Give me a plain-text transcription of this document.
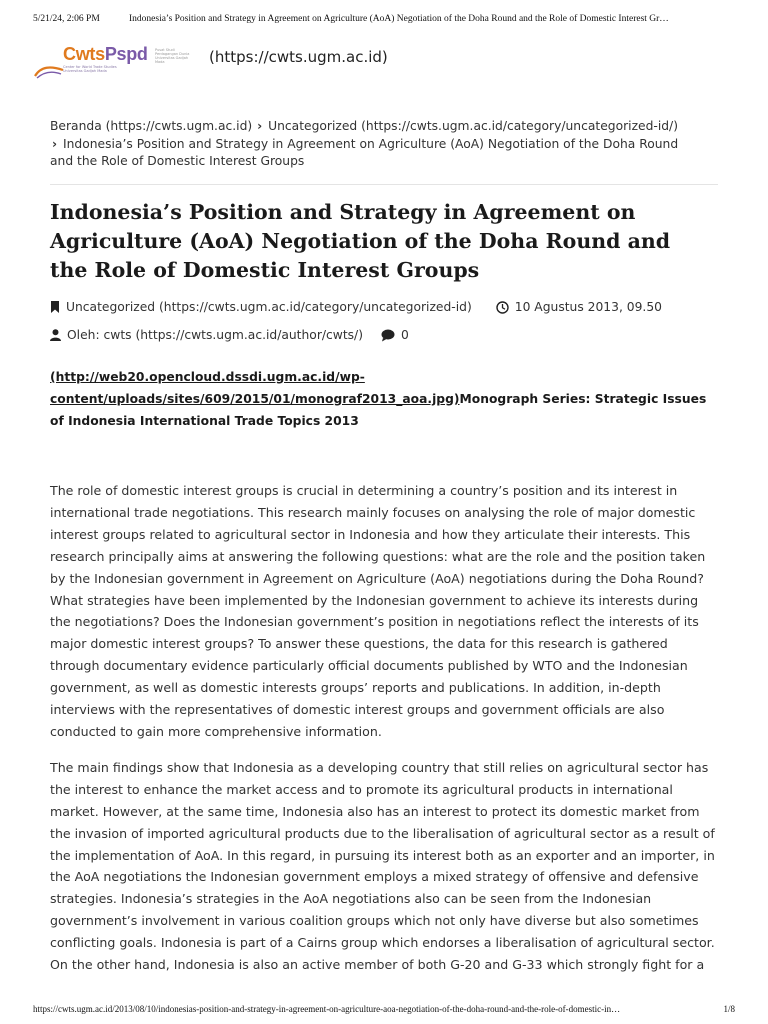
5/21/24, 2:06 PM	Indonesia’s Position and Strategy in Agreement on Agriculture (AoA) Negotiation of the Doha Round and the Role of Domestic Interest Gr…
CwtsPspd
Center for World Trade Studies Universitas Gadjah Mada
Pusat Studi Perdagangan Dunia Universitas Gadjah Mada	(https://cwts.ugm.ac.id)
Beranda (https://cwts.ugm.ac.id) › Uncategorized (https://cwts.ugm.ac.id/category/uncategorized-id/)
› Indonesia’s Position and Strategy in Agreement on Agriculture (AoA) Negotiation of the Doha Round
and the Role of Domestic Interest Groups
Indonesia’s Position and Strategy in Agreement on Agriculture (AoA) Negotiation of the Doha Round and the Role of Domestic Interest Groups
Uncategorized (https://cwts.ugm.ac.id/category/uncategorized-id)	10 Agustus 2013, 09.50
Oleh: cwts (https://cwts.ugm.ac.id/author/cwts/)	0
(http://web20.opencloud.dssdi.ugm.ac.id/wp-content/uploads/sites/609/2015/01/monograf2013_aoa.jpg)Monograph Series: Strategic Issues of Indonesia International Trade Topics 2013

The role of domestic interest groups is crucial in determining a country’s position and its interest in international trade negotiations. This research mainly focuses on analysing the role of major domestic interest groups related to agricultural sector in Indonesia and how they articulate their interests. This research principally aims at answering the following questions: what are the role and the position taken by the Indonesian government in Agreement on Agriculture (AoA) negotiations during the Doha Round? What strategies have been implemented by the Indonesian government to achieve its interests during the negotiations? Does the Indonesian government’s position in negotiations reflect the interests of its major domestic interest groups? To answer these questions, the data for this research is gathered through documentary evidence particularly official documents published by WTO and the Indonesian government, as well as domestic interests groups’ reports and publications. In addition, in-depth interviews with the representatives of domestic interest groups and government officials are also conducted to gain more comprehensive information.

The main findings show that Indonesia as a developing country that still relies on agricultural sector has the interest to enhance the market access and to promote its agricultural products in international market. However, at the same time, Indonesia also has an interest to protect its domestic market from the invasion of imported agricultural products due to the liberalisation of agricultural sector as a result of the implementation of AoA. In this regard, in pursuing its interest both as an exporter and an importer, in the AoA negotiations the Indonesian government employs a mixed strategy of offensive and defensive strategies. Indonesia’s strategies in the AoA negotiations also can be seen from the Indonesian government’s involvement in various coalition groups which not only have diverse but also sometimes conflicting goals. Indonesia is part of a Cairns group which endorses a liberalisation of agricultural sector. On the other hand, Indonesia is also an active member of both G-20 and G-33 which strongly fight for a

https://cwts.ugm.ac.id/2013/08/10/indonesias-position-and-strategy-in-agreement-on-agriculture-aoa-negotiation-of-the-doha-round-and-the-role-of-domestic-in…	1/8
